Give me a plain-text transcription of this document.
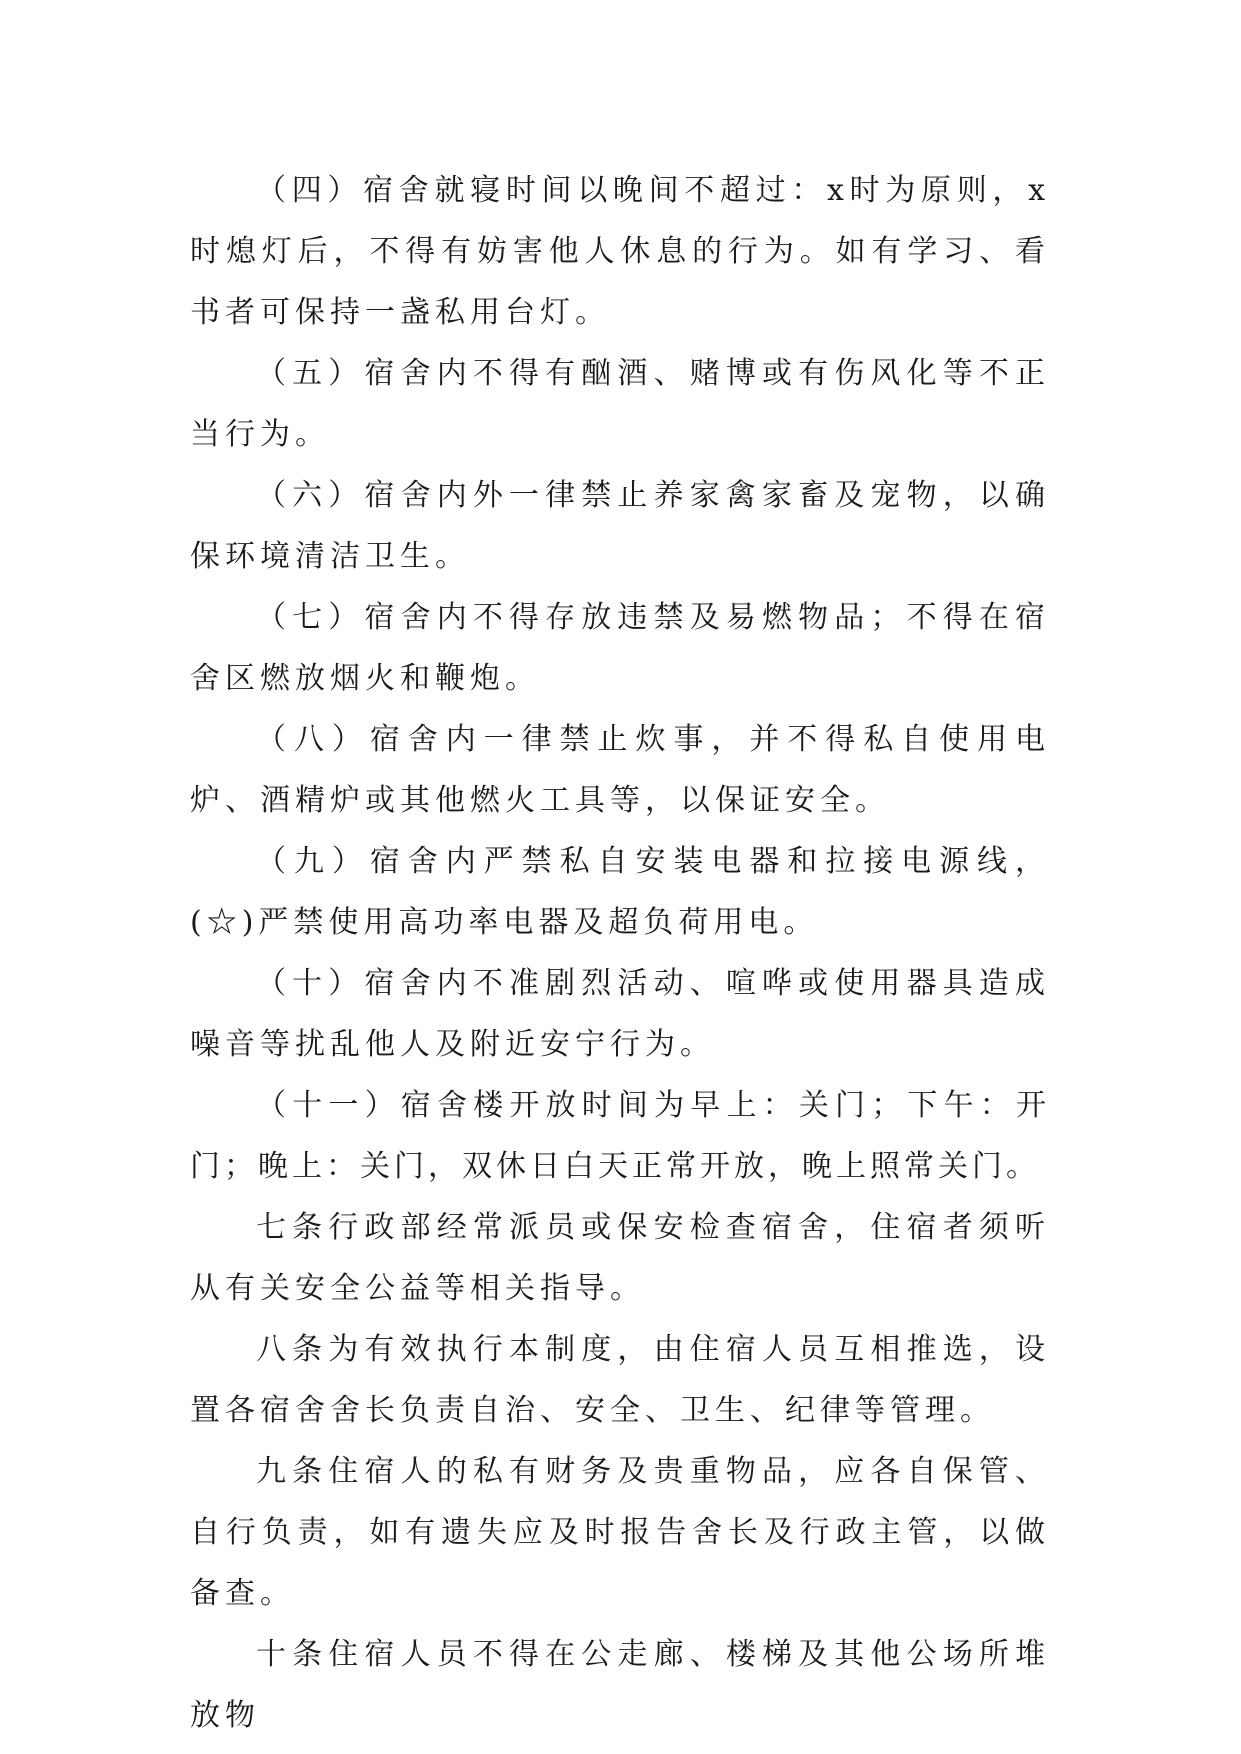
（四）宿舍就寝时间以晚间不超过：x时为原则，x时熄灯后，不得有妨害他人休息的行为。如有学习、看书者可保持一盏私用台灯。

（五）宿舍内不得有酗酒、赌博或有伤风化等不正当行为。

（六）宿舍内外一律禁止养家禽家畜及宠物，以确保环境清洁卫生。

（七）宿舍内不得存放违禁及易燃物品；不得在宿舍区燃放烟火和鞭炮。

（八）宿舍内一律禁止炊事，并不得私自使用电炉、酒精炉或其他燃火工具等，以保证安全。

（九）宿舍内严禁私自安装电器和拉接电源线，(☆)严禁使用高功率电器及超负荷用电。

（十）宿舍内不准剧烈活动、喧哗或使用器具造成噪音等扰乱他人及附近安宁行为。

（十一）宿舍楼开放时间为早上：关门；下午：开门；晚上：关门，双休日白天正常开放，晚上照常关门。

七条行政部经常派员或保安检查宿舍，住宿者须听从有关安全公益等相关指导。

八条为有效执行本制度，由住宿人员互相推选，设置各宿舍舍长负责自治、安全、卫生、纪律等管理。

九条住宿人的私有财务及贵重物品，应各自保管、自行负责，如有遗失应及时报告舍长及行政主管，以做备查。

十条住宿人员不得在公走廊、楼梯及其他公场所堆放物
